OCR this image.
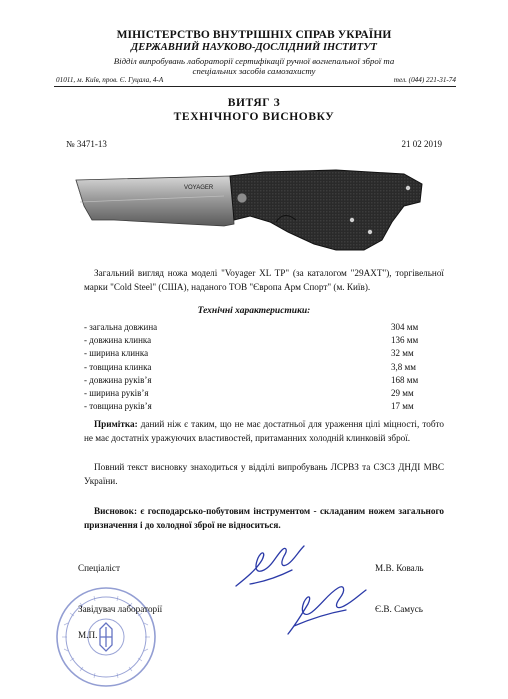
МІНІСТЕРСТВО ВНУТРІШНІХ СПРАВ УКРАЇНИ
ДЕРЖАВНИЙ НАУКОВО-ДОСЛІДНИЙ ІНСТИТУТ
Відділ випробувань лабораторії сертифікації ручної вогнепальної зброї та
спеціальних засобів самозахисту
01011, м. Київ, пров. Є. Гуцала, 4-А	тел. (044) 221-31-74
ВИТЯГ З
ТЕХНІЧНОГО ВИСНОВКУ
№ 3471-13	21 02 2019
VOYAGER
Загальний вигляд ножа моделі "Voyager XL TP" (за каталогом "29AXT"), торгівельної марки "Cold Steel" (США), наданого ТОВ "Європа Арм Спорт" (м. Київ).
Технічні характеристики:
- загальна довжина	304 мм
- довжина клинка	136 мм
- ширина клинка	32 мм
- товщина клинка	3,8 мм
- довжина руків’я	168 мм
- ширина руків’я	29 мм
- товщина руків’я	17 мм
Примітка: даний ніж є таким, що не має достатньої для ураження цілі міцності, тобто не має достатніх уражуючих властивостей, притаманних холодній клинковій зброї.
Повний текст висновку знаходиться у відділі випробувань ЛСРВЗ та СЗСЗ ДНДІ МВС України.
Висновок: є господарсько-побутовим інструментом - складаним ножем загального призначення і до холодної зброї не відноситься.
Спеціаліст	М.В. Коваль
Завідувач лабораторії	Є.В. Самусь
М.П.
